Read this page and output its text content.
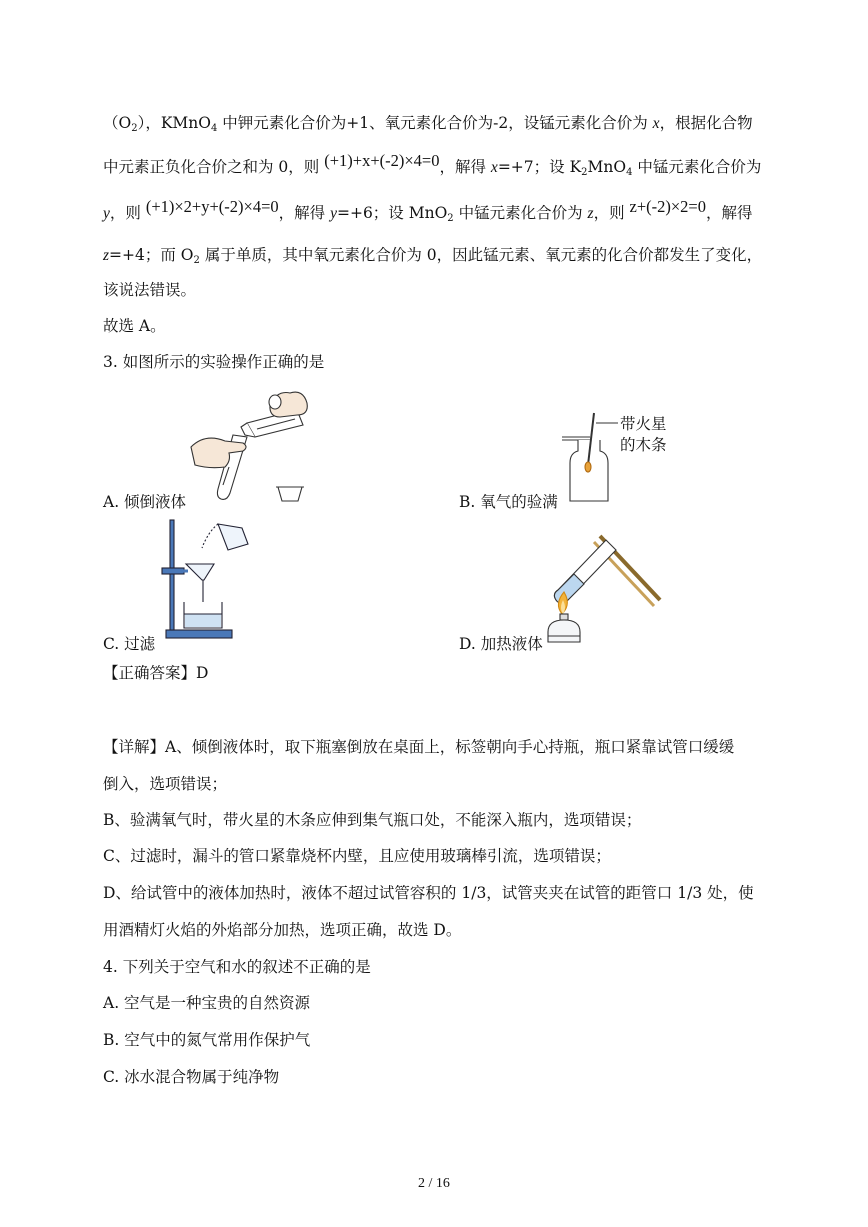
$(O_2)$，KMnO$_4$ 中钾元素化合价为+1、氧元素化合价为-2，设锰元素化合价为 x，根据化合物
中元素正负化合价之和为 0，则 (+1)+x+(-2)×4=0，解得 x=+7；设 $K_2MnO_4$ 中锰元素化合价为
y，则 (+1)×2+y+(-2)×4=0，解得 y=+6；设 MnO$_2$ 中锰元素化合价为 z，则 z+(-2)×2=0，解得
z=+4；而 $O_2$ 属于单质，其中氧元素化合价为 0，因此锰元素、氧元素的化合价都发生了变化，
该说法错误。
故选 A。
3. 如图所示的实验操作正确的是
A. 倾倒液体
带火星
的木条
B. 氧气的验满
C. 过滤	D. 加热液体
【正确答案】D
【详解】A、倾倒液体时，取下瓶塞倒放在桌面上，标签朝向手心持瓶，瓶口紧靠试管口缓缓
倒入，选项错误；
B、验满氧气时，带火星的木条应伸到集气瓶口处，不能深入瓶内，选项错误；
C、过滤时，漏斗的管口紧靠烧杯内壁，且应使用玻璃棒引流，选项错误；
D、给试管中的液体加热时，液体不超过试管容积的 1/3，试管夹夹在试管的距管口 1/3 处，使
用酒精灯火焰的外焰部分加热，选项正确，故选 D。
4. 下列关于空气和水的叙述不正确的是
A. 空气是一种宝贵的自然资源
B. 空气中的氮气常用作保护气
C. 冰水混合物属于纯净物
2 / 16
